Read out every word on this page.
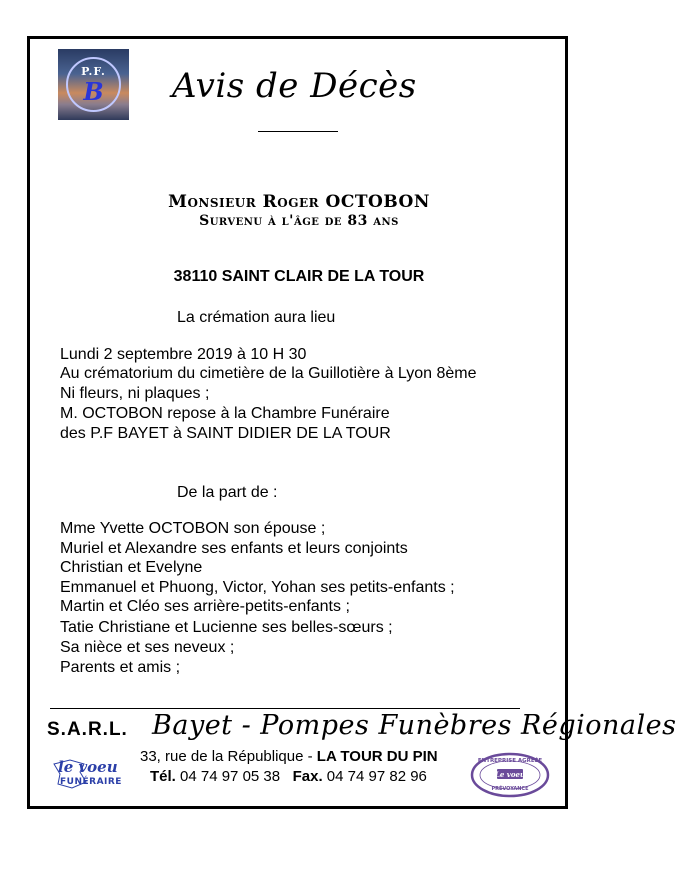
P.F.
B	Avis de Décès
Monsieur Roger OCTOBON
Survenu à l'âge de 83 ans
38110 SAINT CLAIR DE LA TOUR
La crémation aura lieu
Lundi 2 septembre 2019 à 10 H 30
Au crématorium du cimetière de la Guillotière à Lyon 8ème
Ni fleurs, ni plaques ;
M. OCTOBON repose à la Chambre Funéraire
des P.F BAYET à SAINT DIDIER DE LA TOUR
De la part de :
Mme Yvette OCTOBON son épouse ;
Muriel et Alexandre ses enfants et leurs conjoints
Christian et Evelyne
Emmanuel et Phuong, Victor, Yohan ses petits-enfants ;
Martin et Cléo ses arrière-petits-enfants ;
Tatie Christiane et Lucienne ses belles-sœurs ;
Sa nièce et ses neveux ;
Parents et amis ;
S.A.R.L. Bayet - Pompes Funèbres Régionales
33, rue de la République - LA TOUR DU PIN
Tél. 04 74 97 05 38 Fax. 04 74 97 82 96
le voeu
FUNÉRAIRE
ENTREPRISE AGRÉÉE
Le voeu
PRÉVOYANCE
